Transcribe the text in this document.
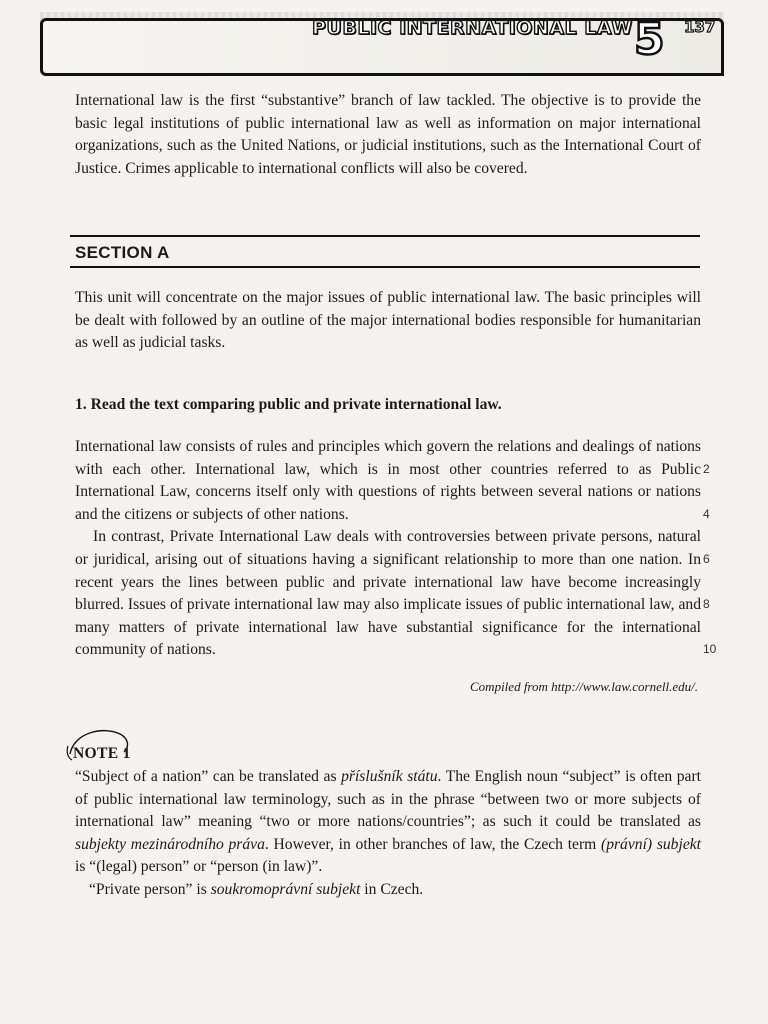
PUBLIC INTERNATIONAL LAW 5 137

International law is the first “substantive” branch of law tackled. The objective is to provide the basic legal institutions of public international law as well as information on major international organizations, such as the United Nations, or judicial institutions, such as the International Court of Justice. Crimes applicable to international conflicts will also be covered.

SECTION A

This unit will concentrate on the major issues of public international law. The basic principles will be dealt with followed by an outline of the major international bodies responsible for humanitarian as well as judicial tasks.

1. Read the text comparing public and private international law.

International law consists of rules and principles which govern the relations and dealings of nations with each other. International law, which is in most other countries referred to as Public International Law, concerns itself only with questions of rights between several nations or nations and the citizens or subjects of other nations.

In contrast, Private International Law deals with controversies between private persons, natural or juridical, arising out of situations having a significant relationship to more than one nation. In recent years the lines between public and private international law have become increasingly blurred. Issues of private international law may also implicate issues of public international law, and many matters of private international law have substantial significance for the international community of nations.

2
4
6
8
10
Compiled from http://www.law.cornell.edu/.
NOTE 1

“Subject of a nation” can be translated as příslušník státu. The English noun “subject” is often part of public international law terminology, such as in the phrase “between two or more subjects of international law” meaning “two or more nations/countries”; as such it could be translated as subjekty mezinárodního práva. However, in other branches of law, the Czech term (právní) subjekt is “(legal) person” or “person (in law)”.

“Private person” is soukromoprávní subjekt in Czech.
